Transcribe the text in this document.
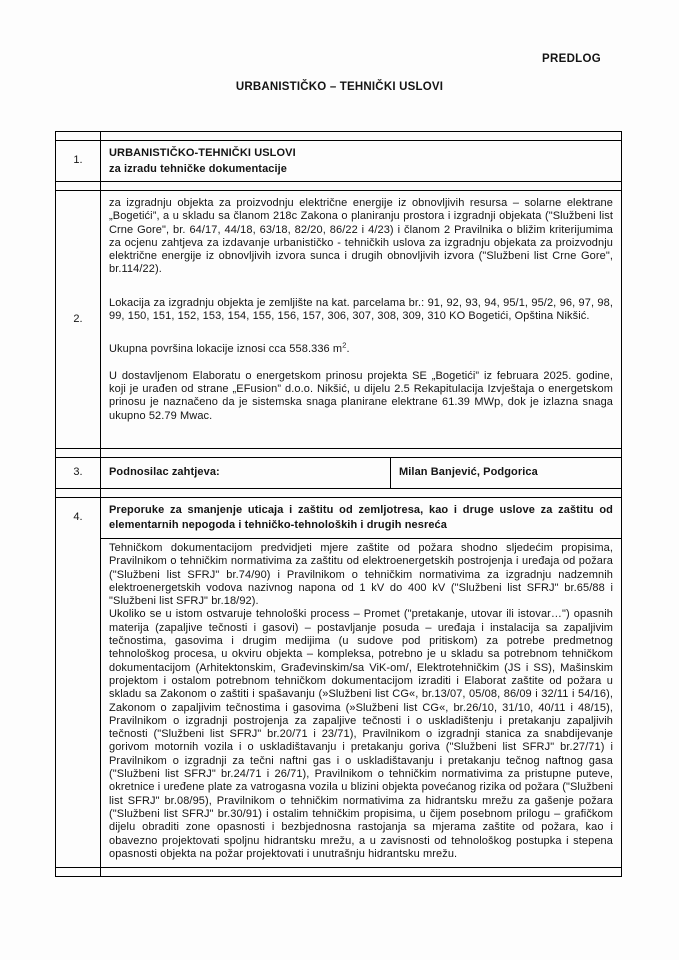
PREDLOG
URBANISTIČKO – TEHNIČKI USLOVI

1.	URBANISTIČKO-TEHNIČKI USLOVI
za izradu tehničke dokumentacije	

2.	za izgradnju objekta za proizvodnju električne energije iz obnovljivih resursa – solarne elektrane „Bogetići”, a u skladu sa članom 218c Zakona o planiranju prostora i izgradnji objekata ("Službeni list Crne Gore", br. 64/17, 44/18, 63/18, 82/20, 86/22 i 4/23) i članom 2 Pravilnika o bližim kriterijumima za ocjenu zahtjeva za izdavanje urbanističko - tehničkih uslova za izgradnju objekata za proizvodnju električne energije iz obnovljivih izvora sunca i drugih obnovljivih izvora ("Službeni list Crne Gore", br.114/22).

Lokacija za izgradnju objekta je zemljište na kat. parcelama br.: 91, 92, 93, 94, 95/1, 95/2, 96, 97, 98, 99, 150, 151, 152, 153, 154, 155, 156, 157, 306, 307, 308, 309, 310 KO Bogetići, Opština Nikšić.

Ukupna površina lokacije iznosi cca 558.336 $m^2$.

U dostavljenom Elaboratu o energetskom prinosu projekta SE „Bogetići” iz februara 2025. godine, koji je urađen od strane „EFusion” d.o.o. Nikšić, u dijelu 2.5 Rekapitulacija Izvještaja o energetskom prinosu je naznačeno da je sistemska snaga planirane elektrane 61.39 MWp, dok je izlazna snaga ukupno 52.79 Mwac.	

3.	Podnosilac zahtjeva:	Milan Banjević, Podgorica

4.	Preporuke za smanjenje uticaja i zaštitu od zemljotresa, kao i druge uslove za zaštitu od elementarnih nepogoda i tehničko-tehnoloških i drugih nesreća	

	Tehničkom dokumentacijom predvidjeti mjere zaštite od požara shodno sljedećim propisima, Pravilnikom o tehničkim normativima za zaštitu od elektroenergetskih postrojenja i uređaja od požara ("Službeni list SFRJ" br.74/90) i Pravilnikom o tehničkim normativima za izgradnju nadzemnih elektroenergetskih vodova nazivnog napona od 1 kV do 400 kV ("Službeni list SFRJ" br.65/88 i "Službeni list SFRJ" br.18/92).

Ukoliko se u istom ostvaruje tehnološki process – Promet ("pretakanje, utovar ili istovar…") opasnih materija (zapaljive tečnosti i gasovi) – postavljanje posuda – uređaja i instalacija sa zapaljivim tečnostima, gasovima i drugim medijima (u sudove pod pritiskom) za potrebe predmetnog tehnološkog procesa, u okviru objekta – kompleksa, potrebno je u skladu sa potrebnom tehničkom dokumentacijom (Arhitektonskim, Građevinskim/sa ViK-om/, Elektrotehničkim (JS i SS), Mašinskim projektom i ostalom potrebnom tehničkom dokumentacijom izraditi i Elaborat zaštite od požara u skladu sa Zakonom o zaštiti i spašavanju (»Službeni list CG«, br.13/07, 05/08, 86/09 i 32/11 i 54/16), Zakonom o zapaljivim tečnostima i gasovima (»Službeni list CG«, br.26/10, 31/10, 40/11 i 48/15), Pravilnikom o izgradnji postrojenja za zapaljive tečnosti i o uskladištenju i pretakanju zapaljivih tečnosti ("Službeni list SFRJ" br.20/71 i 23/71), Pravilnikom o izgradnji stanica za snabdijevanje gorivom motornih vozila i o uskladištavanju i pretakanju goriva ("Službeni list SFRJ" br.27/71) i Pravilnikom o izgradnji za tečni naftni gas i o uskladištavanju i pretakanju tečnog naftnog gasa ("Službeni list SFRJ" br.24/71 i 26/71), Pravilnikom o tehničkim normativima za pristupne puteve, okretnice i uređene plate za vatrogasna vozila u blizini objekta povećanog rizika od požara ("Službeni list SFRJ" br.08/95), Pravilnikom o tehničkim normativima za hidrantsku mrežu za gašenje požara ("Službeni list SFRJ" br.30/91) i ostalim tehničkim propisima, u čijem posebnom prilogu – grafičkom dijelu obraditi zone opasnosti i bezbjednosna rastojanja sa mjerama zaštite od požara, kao i obavezno projektovati spoljnu hidrantsku mrežu, a u zavisnosti od tehnološkog postupka i stepena opasnosti objekta na požar projektovati i unutrašnju hidrantsku mrežu.	
